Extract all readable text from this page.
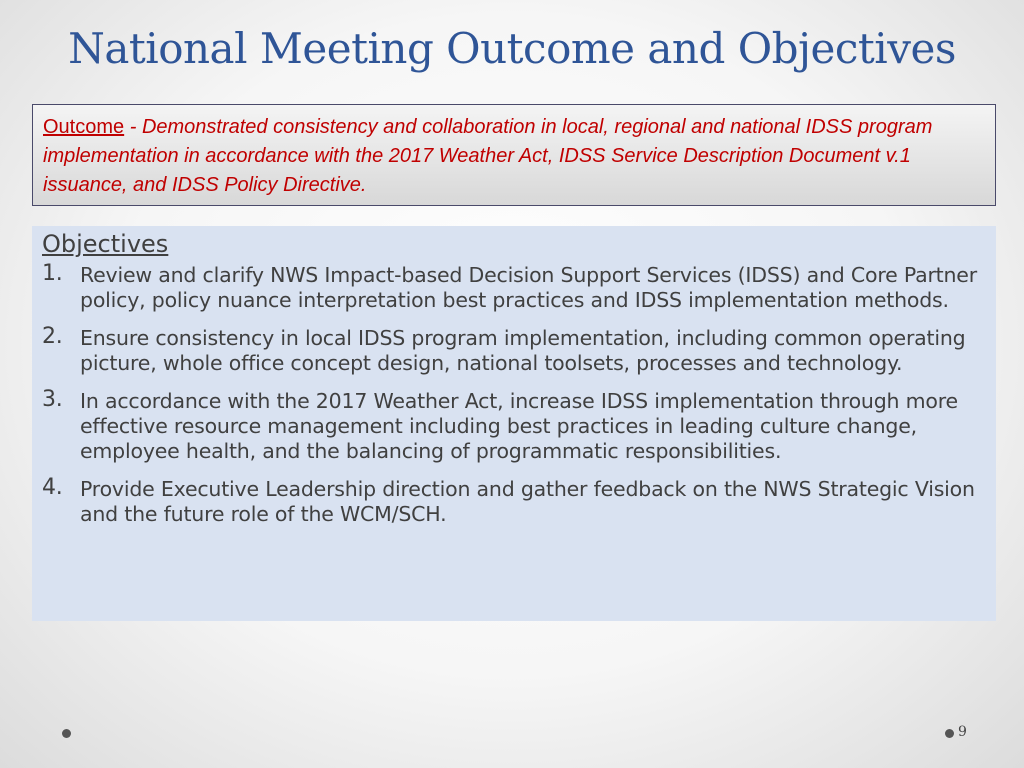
National Meeting Outcome and Objectives
Outcome - Demonstrated consistency and collaboration in local, regional and national IDSS program implementation in accordance with the 2017 Weather Act, IDSS Service Description Document v.1 issuance, and IDSS Policy Directive.
Objectives
1. Review and clarify NWS Impact-based Decision Support Services (IDSS) and Core Partner policy, policy nuance interpretation best practices and IDSS implementation methods.
2. Ensure consistency in local IDSS program implementation, including common operating picture, whole office concept design, national toolsets, processes and technology.
3. In accordance with the 2017 Weather Act, increase IDSS implementation through more effective resource management including best practices in leading culture change, employee health, and the balancing of programmatic responsibilities.
4. Provide Executive Leadership direction and gather feedback on the NWS Strategic Vision and the future role of the WCM/SCH.
9
